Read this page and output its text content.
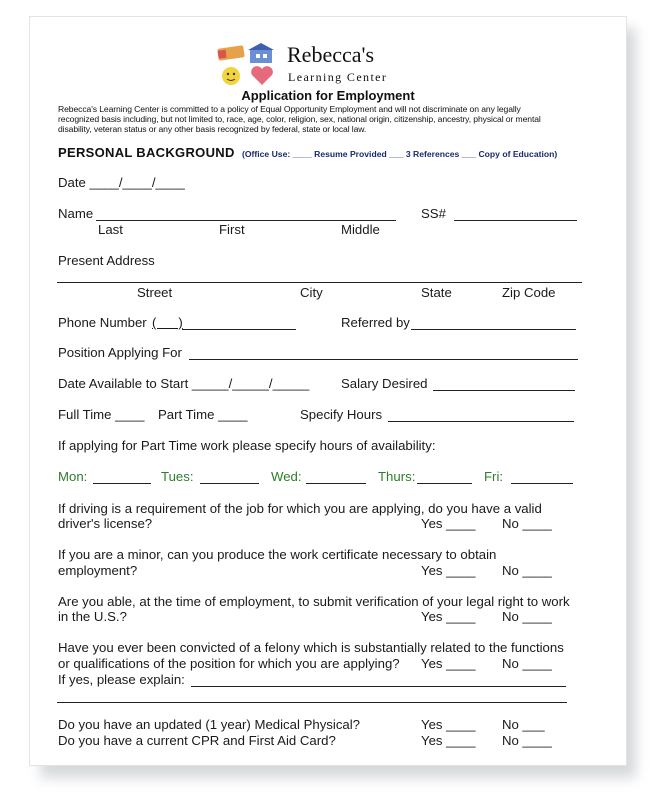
Rebecca's
Learning Center
Application for Employment
Rebecca's Learning Center is committed to a policy of Equal Opportunity Employment and will not discriminate on any legally
recognized basis including, but not limited to, race, age, color, religion, sex, national origin, citizenship, ancestry, physical or mental
disability, veteran status or any other basis recognized by federal, state or local law.
PERSONAL BACKGROUND (Office Use: ____ Resume Provided ___ 3 References ___ Copy of Education)
Date ____/____/____
Name
Last	First	Middle
SS#
Present Address
Street	City	State	Zip Code
Phone Number (      )	Referred by
Position Applying For
Date Available to Start _____/_____/_____ Salary Desired
Full Time ____ Part Time ____	Specify Hours
If applying for Part Time work please specify hours of availability:
Mon:	Tues:	Wed:	Thurs:	Fri:
If driving is a requirement of the job for which you are applying, do you have a valid
driver's license?	Yes ____ No ____
If you are a minor, can you produce the work certificate necessary to obtain
employment?	Yes ____ No ____
Are you able, at the time of employment, to submit verification of your legal right to work
in the U.S.?	Yes ____ No ____
Have you ever been convicted of a felony which is substantially related to the functions
or qualifications of the position for which you are applying? Yes ____ No ____
If yes, please explain:
Do you have an updated (1 year) Medical Physical?	Yes ____ No ___
Do you have a current CPR and First Aid Card?	Yes ____ No ____
